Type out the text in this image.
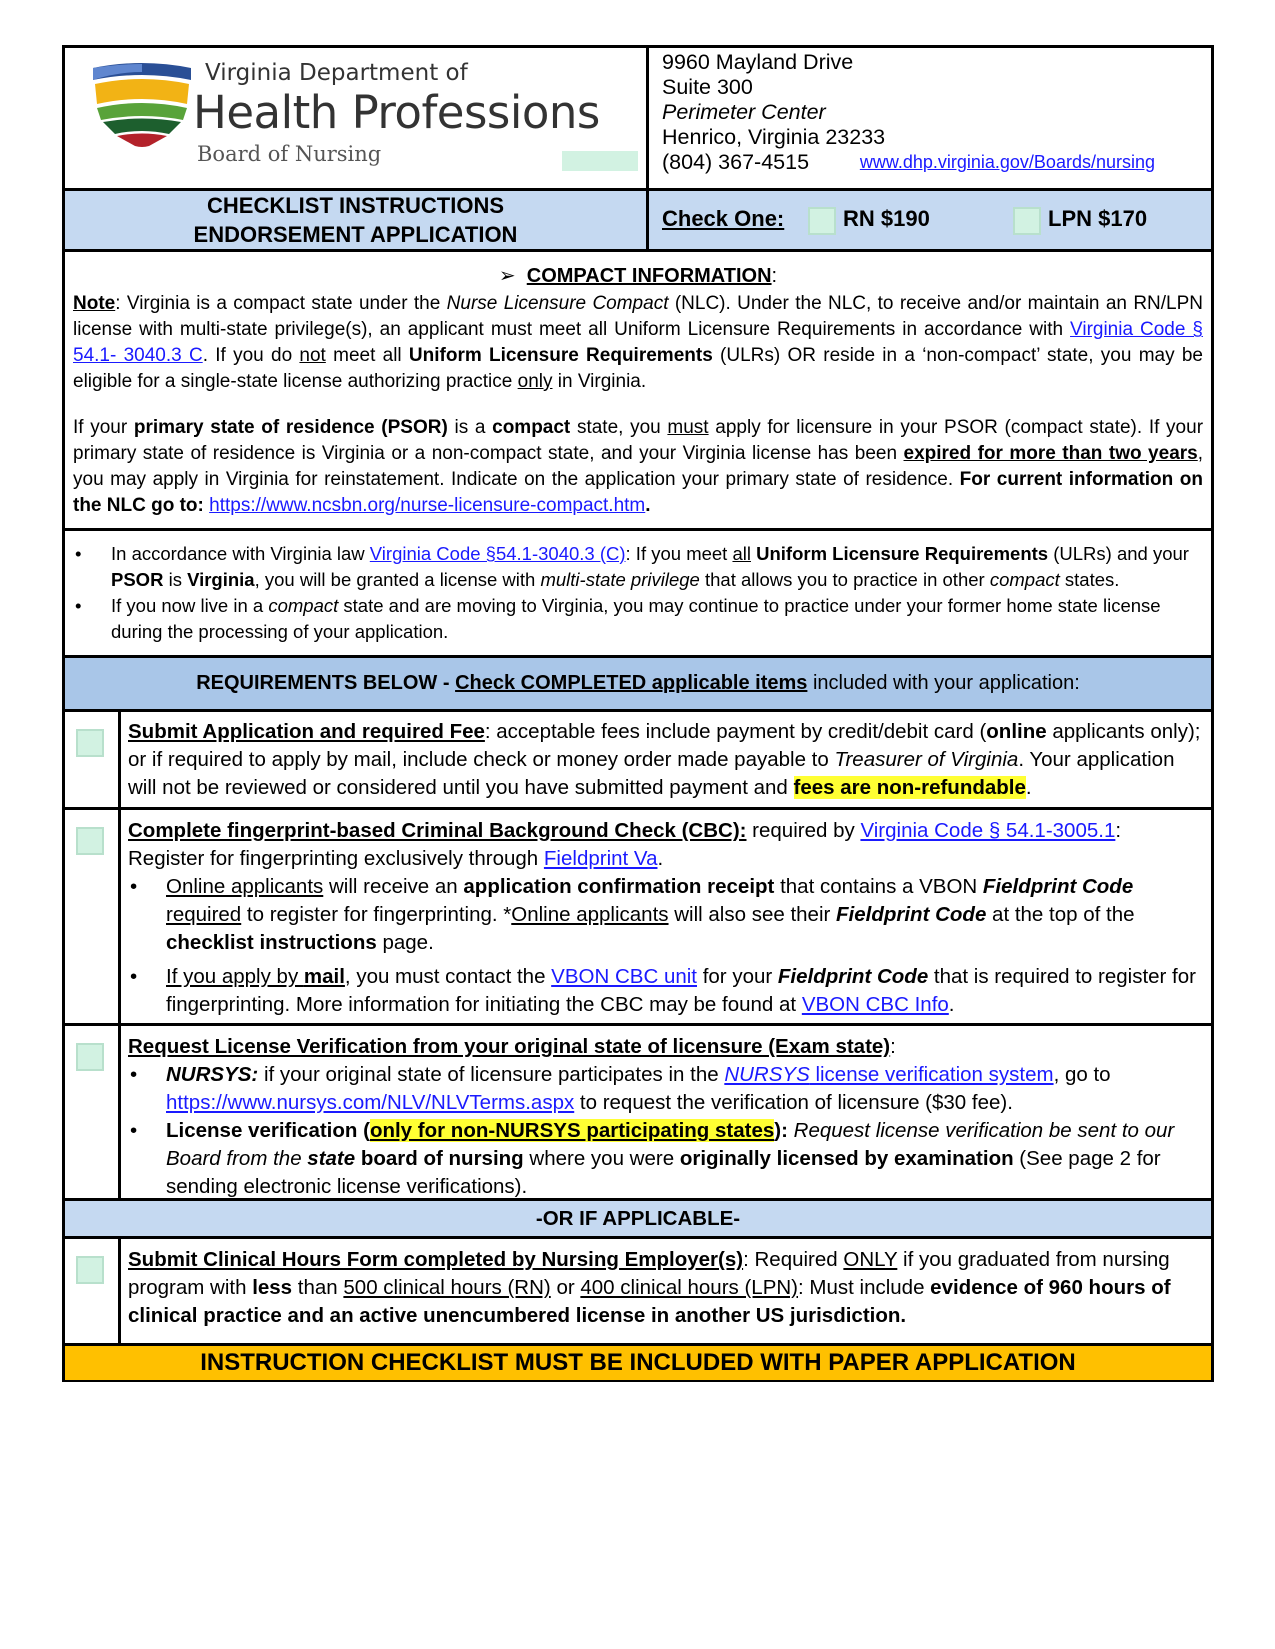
Virginia Department of
Health Professions
Board of Nursing
9960 Mayland Drive
Suite 300
Perimeter Center
Henrico, Virginia 23233
(804) 367-4515	www.dhp.virginia.gov/Boards/nursing
CHECKLIST INSTRUCTIONS
ENDORSEMENT APPLICATION
Check One:	RN $190	LPN $170
➢  COMPACT INFORMATION:
Note: Virginia is a compact state under the Nurse Licensure Compact (NLC). Under the NLC, to receive and/or maintain an RN/LPN license with multi-state privilege(s), an applicant must meet all Uniform Licensure Requirements in accordance with Virginia Code § 54.1- 3040.3 C. If you do not meet all Uniform Licensure Requirements (ULRs) OR reside in a ‘non-compact’ state, you may be eligible for a single-state license authorizing practice only in Virginia.
If your primary state of residence (PSOR) is a compact state, you must apply for licensure in your PSOR (compact state). If your primary state of residence is Virginia or a non-compact state, and your Virginia license has been expired for more than two years, you may apply in Virginia for reinstatement. Indicate on the application your primary state of residence. For current information on the NLC go to: https://www.ncsbn.org/nurse-licensure-compact.htm.
• In accordance with Virginia law Virginia Code §54.1-3040.3 (C): If you meet all Uniform Licensure Requirements (ULRs) and your PSOR is Virginia, you will be granted a license with multi-state privilege that allows you to practice in other compact states.
• If you now live in a compact state and are moving to Virginia, you may continue to practice under your former home state license during the processing of your application.
REQUIREMENTS BELOW - Check COMPLETED applicable items included with your application:
Submit Application and required Fee: acceptable fees include payment by credit/debit card (online applicants only); or if required to apply by mail, include check or money order made payable to Treasurer of Virginia. Your application will not be reviewed or considered until you have submitted payment and fees are non-refundable.
Complete fingerprint-based Criminal Background Check (CBC): required by Virginia Code § 54.1-3005.1: Register for fingerprinting exclusively through Fieldprint Va.
• Online applicants will receive an application confirmation receipt that contains a VBON Fieldprint Code required to register for fingerprinting. *Online applicants will also see their Fieldprint Code at the top of the checklist instructions page.
• If you apply by mail, you must contact the VBON CBC unit for your Fieldprint Code that is required to register for fingerprinting. More information for initiating the CBC may be found at VBON CBC Info.
Request License Verification from your original state of licensure (Exam state):
• NURSYS: if your original state of licensure participates in the NURSYS license verification system, go to https://www.nursys.com/NLV/NLVTerms.aspx to request the verification of licensure ($30 fee).
• License verification (only for non-NURSYS participating states): Request license verification be sent to our Board from the state board of nursing where you were originally licensed by examination (See page 2 for sending electronic license verifications).
-OR IF APPLICABLE-
Submit Clinical Hours Form completed by Nursing Employer(s): Required ONLY if you graduated from nursing program with less than 500 clinical hours (RN) or 400 clinical hours (LPN): Must include evidence of 960 hours of clinical practice and an active unencumbered license in another US jurisdiction.
INSTRUCTION CHECKLIST MUST BE INCLUDED WITH PAPER APPLICATION
